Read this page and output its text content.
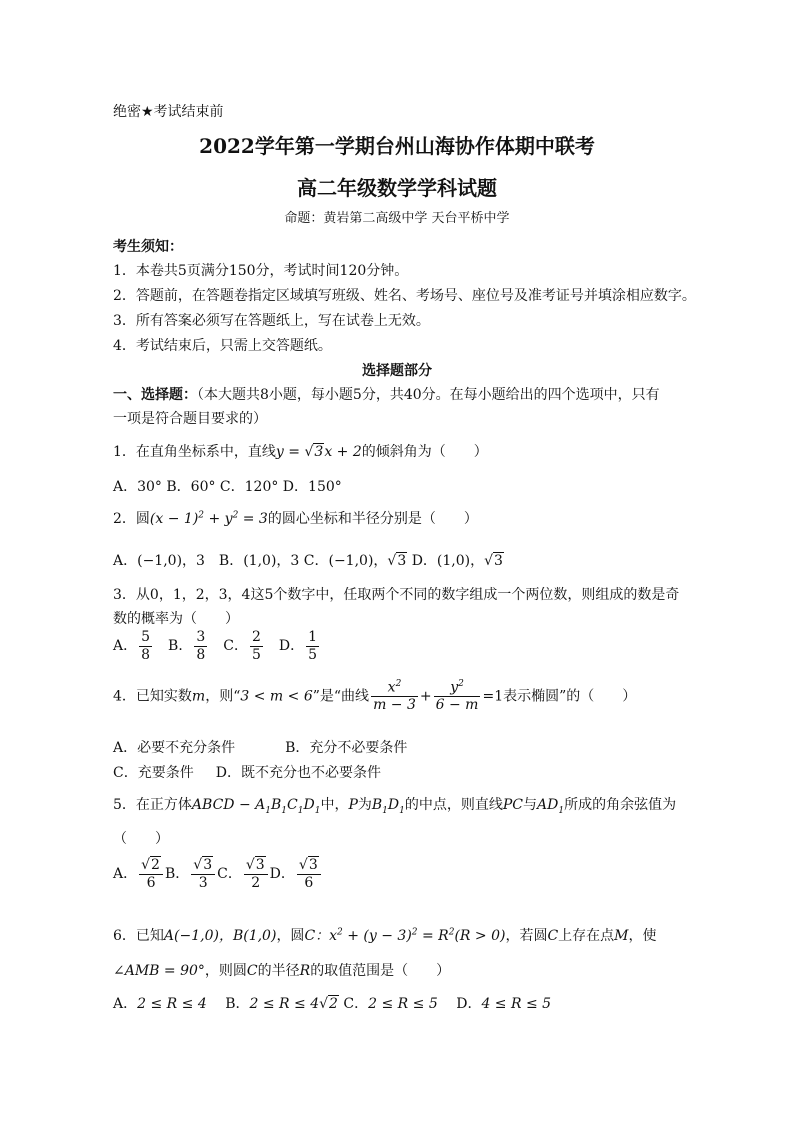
绝密★考试结束前
2022学年第一学期台州山海协作体期中联考
高二年级数学学科试题
命题：黄岩第二高级中学 天台平桥中学
考生须知：
1．本卷共5页满分150分，考试时间120分钟。
2．答题前，在答题卷指定区域填写班级、姓名、考场号、座位号及准考证号并填涂相应数字。
3．所有答案必须写在答题纸上，写在试卷上无效。
4．考试结束后，只需上交答题纸。
选择题部分
一、选择题：（本大题共8小题，每小题5分，共40分。在每小题给出的四个选项中，只有
一项是符合题目要求的）
1．在直角坐标系中，直线y = √3x + 2的倾斜角为（　　）
A．30° B．60° C．120° D．150°
2．圆$(x - 1)^2 + y^2 = 3$的圆心坐标和半径分别是（　　）
A．(−1,0)，3　B．(1,0)，3 C．(−1,0)，√3 D．(1,0)，√3
3．从0，1，2，3，4这5个数字中，任取两个不同的数字组成一个两位数，则组成的数是奇
数的概率为（　　）
A． $\frac{5}{8}$ 　B． $\frac{3}{8}$ 　C． $\frac{2}{5}$ 　D． $\frac{1}{5}$
4．已知实数m，则“3 < m < 6”是“曲线 $\frac{x^2}{m - 3} + \frac{y^2}{6 - m} =1$表示椭圆”的（　　）
A．必要不充分条件	B．充分不必要条件
C．充要条件 D．既不充分也不必要条件
5．在正方体ABCD − $A_1B_1C_1D_1$中，P为$B_1D_1$的中点，则直线PC与$AD_1$所成的角余弦值为
（　　）
A． $\frac{√2}{6}$ B． $\frac{√3}{3}$ C． $\frac{√3}{2}$ D． $\frac{√3}{6}$
6．已知A(−1,0)，B(1,0)，圆C：$x^2 + (y - 3)^2 = R^2(R > 0)$，若圆C上存在点M，使
∠AMB = 90°，则圆C的半径R的取值范围是（　　）
A．2 ≤ R ≤ 4　 B．2 ≤ R ≤ 4√2 C．2 ≤ R ≤ 5　 D．4 ≤ R ≤ 5
